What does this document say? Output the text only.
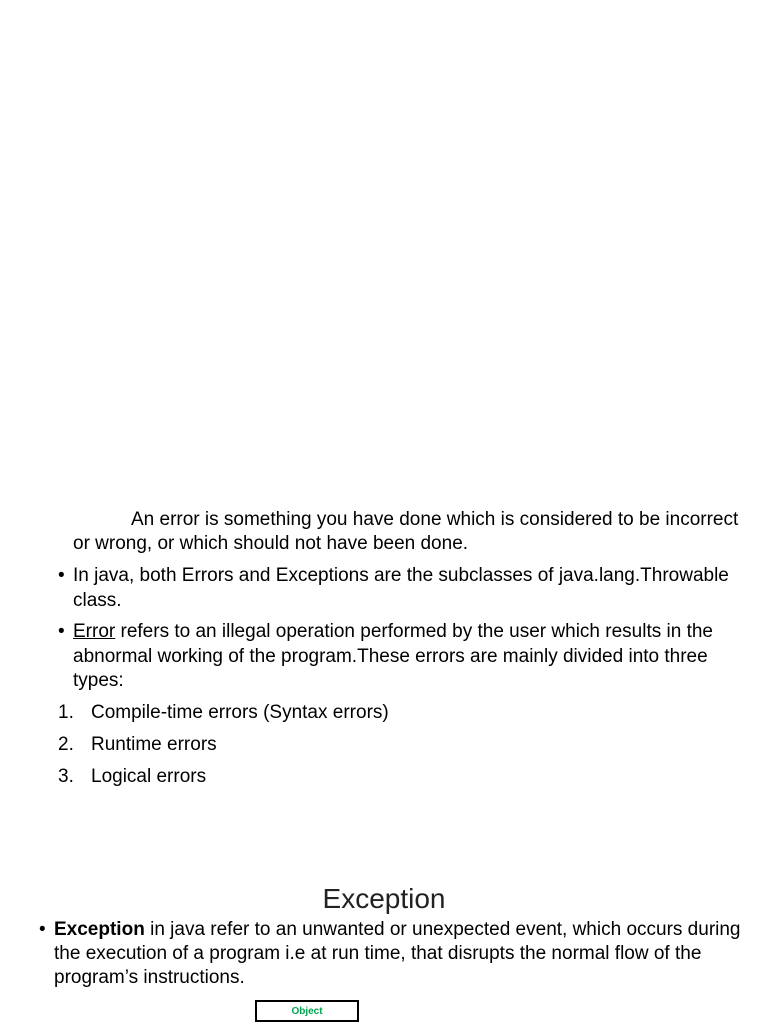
An error is something you have done which is considered to be incorrect or wrong, or which should not have been done.

• In java, both Errors and Exceptions are the subclasses of java.lang.Throwable class.
• Error refers to an illegal operation performed by the user which results in the abnormal working of the program.These errors are mainly divided into three types:
1. Compile-time errors (Syntax errors)
2. Runtime errors
3. Logical errors
Exception
• Exception in java refer to an unwanted or unexpected event, which occurs during the execution of a program i.e at run time, that disrupts the normal flow of the program’s instructions.
Object
